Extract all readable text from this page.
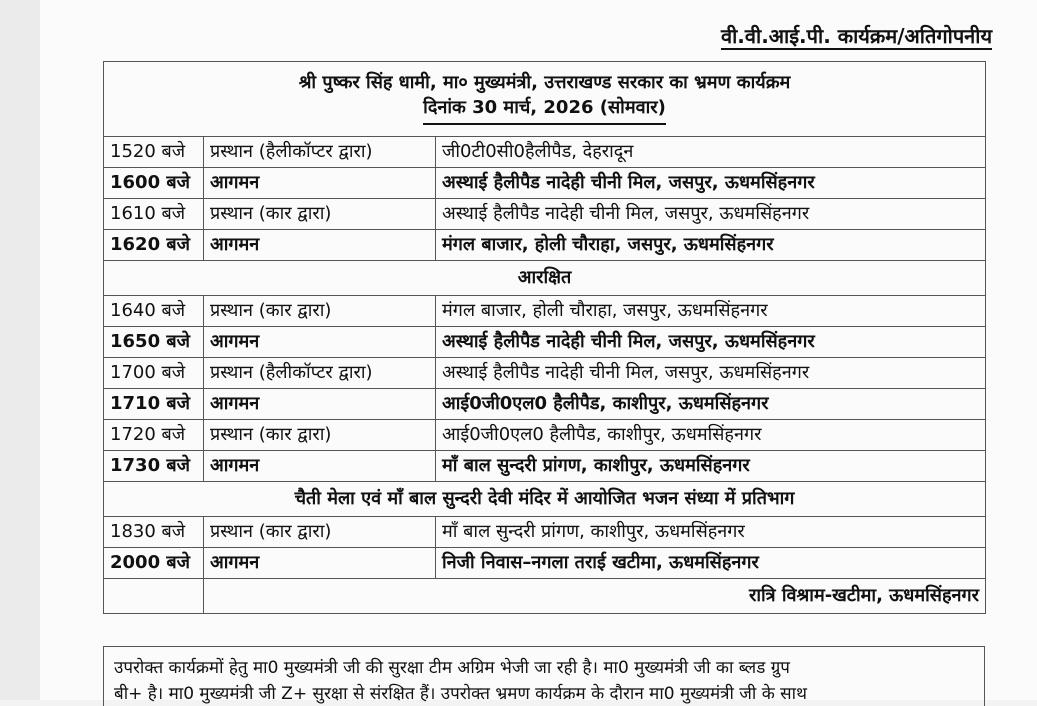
वी.वी.आई.पी. कार्यक्रम/अतिगोपनीय
श्री पुष्कर सिंह धामी, मा० मुख्यमंत्री, उत्तराखण्ड सरकार का भ्रमण कार्यक्रम
दिनांक 30 मार्च, 2026 (सोमवार)		
1520 बजे	प्रस्थान (हैलीकॉप्टर द्वारा)	जी0टी0सी0हैलीपैड, देहरादून
1600 बजे	आगमन	अस्थाई हैलीपैड नादेही चीनी मिल, जसपुर, ऊधमसिंहनगर
1610 बजे	प्रस्थान (कार द्वारा)	अस्थाई हैलीपैड नादेही चीनी मिल, जसपुर, ऊधमसिंहनगर
1620 बजे	आगमन	मंगल बाजार, होली चौराहा, जसपुर, ऊधमसिंहनगर
आरक्षित		
1640 बजे	प्रस्थान (कार द्वारा)	मंगल बाजार, होली चौराहा, जसपुर, ऊधमसिंहनगर
1650 बजे	आगमन	अस्थाई हैलीपैड नादेही चीनी मिल, जसपुर, ऊधमसिंहनगर
1700 बजे	प्रस्थान (हैलीकॉप्टर द्वारा)	अस्थाई हैलीपैड नादेही चीनी मिल, जसपुर, ऊधमसिंहनगर
1710 बजे	आगमन	आई0जी0एल0 हैलीपैड, काशीपुर, ऊधमसिंहनगर
1720 बजे	प्रस्थान (कार द्वारा)	आई0जी0एल0 हैलीपैड, काशीपुर, ऊधमसिंहनगर
1730 बजे	आगमन	माँ बाल सुन्दरी प्रांगण, काशीपुर, ऊधमसिंहनगर
चैती मेला एवं माँ बाल सुन्दरी देवी मंदिर में आयोजित भजन संध्या में प्रतिभाग		
1830 बजे	प्रस्थान (कार द्वारा)	माँ बाल सुन्दरी प्रांगण, काशीपुर, ऊधमसिंहनगर
2000 बजे	आगमन	निजी निवास–नगला तराई खटीमा, ऊधमसिंहनगर
	रात्रि विश्राम-खटीमा, ऊधमसिंहनगर	
उपरोक्त कार्यक्रमों हेतु मा0 मुख्यमंत्री जी की सुरक्षा टीम अग्रिम भेजी जा रही है। मा0 मुख्यमंत्री जी का ब्लड ग्रुप
बी+ है। मा0 मुख्यमंत्री जी Z+ सुरक्षा से संरक्षित हैं। उपरोक्त भ्रमण कार्यक्रम के दौरान मा0 मुख्यमंत्री जी के साथ
